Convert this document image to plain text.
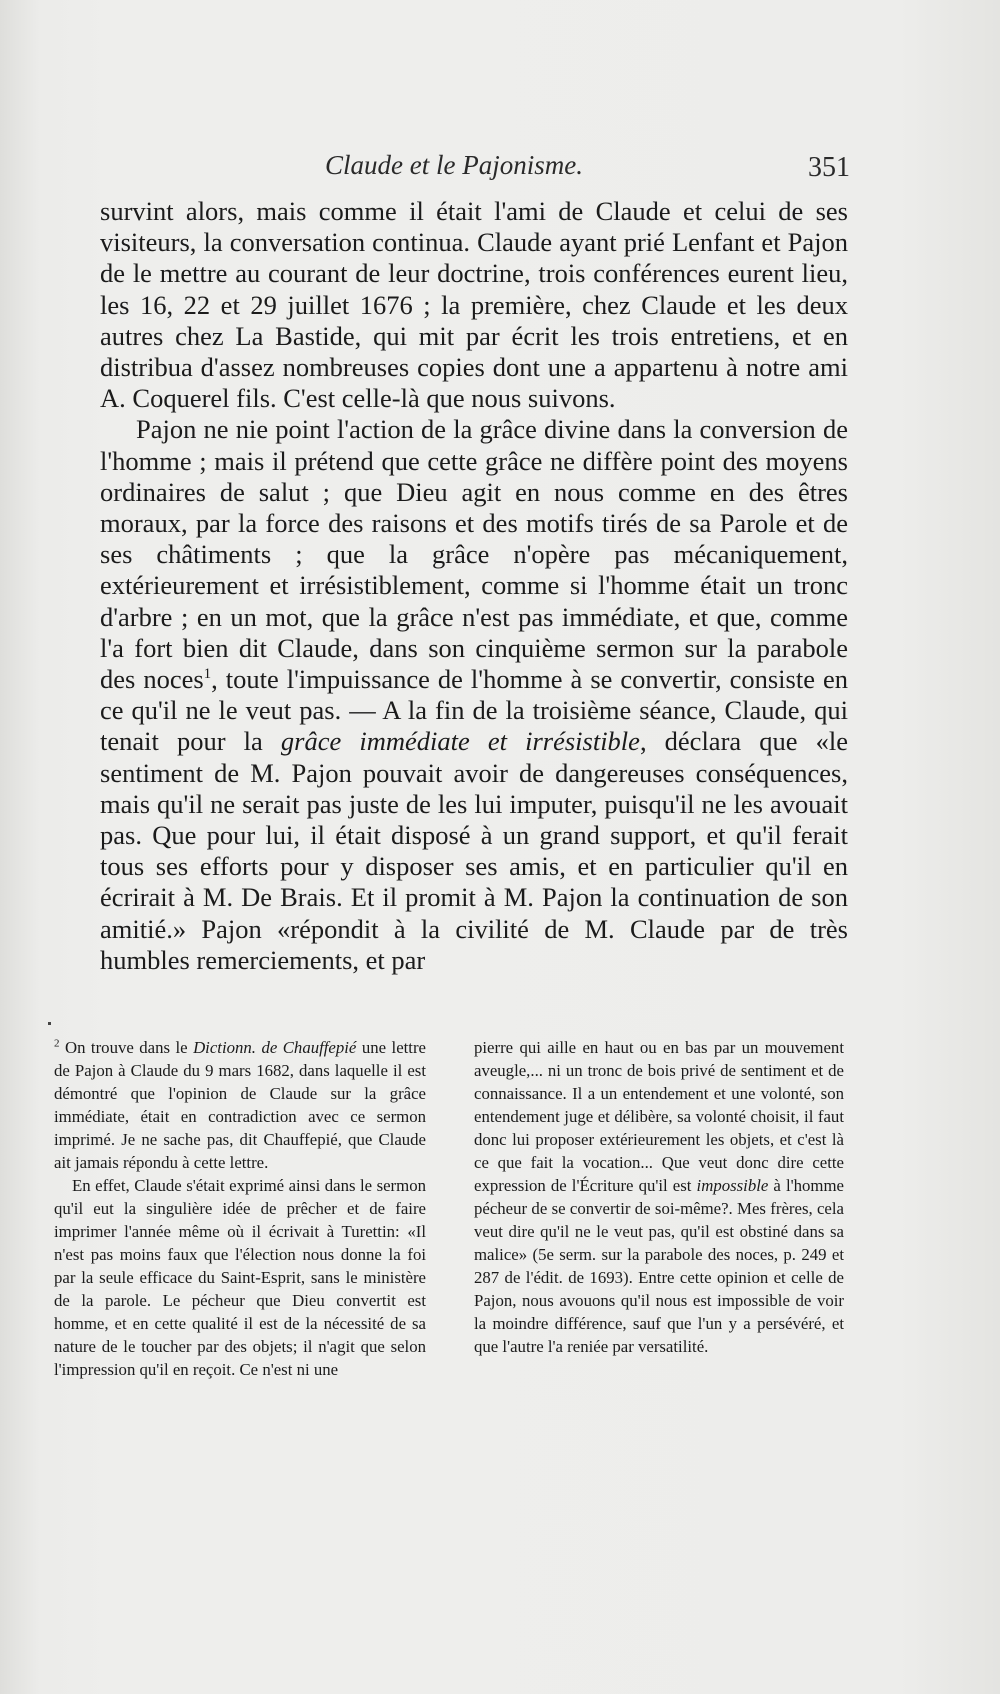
Claude et le Pajonisme.	351

survint alors, mais comme il était l'ami de Claude et celui de ses visiteurs, la conversation continua. Claude ayant prié Lenfant et Pajon de le mettre au courant de leur doctrine, trois conférences eurent lieu, les 16, 22 et 29 juillet 1676 ; la première, chez Claude et les deux autres chez La Bastide, qui mit par écrit les trois entretiens, et en distribua d'assez nombreuses copies dont une a appartenu à notre ami A. Coquerel fils. C'est celle-là que nous suivons.

Pajon ne nie point l'action de la grâce divine dans la conversion de l'homme ; mais il prétend que cette grâce ne diffère point des moyens ordinaires de salut ; que Dieu agit en nous comme en des êtres moraux, par la force des raisons et des motifs tirés de sa Parole et de ses châtiments ; que la grâce n'opère pas mécaniquement, extérieurement et irrésistiblement, comme si l'homme était un tronc d'arbre ; en un mot, que la grâce n'est pas immédiate, et que, comme l'a fort bien dit Claude, dans son cinquième sermon sur la parabole des noces$^1$, toute l'impuissance de l'homme à se convertir, consiste en ce qu'il ne le veut pas. — A la fin de la troisième séance, Claude, qui tenait pour la grâce immédiate et irrésistible, déclara que «le sentiment de M. Pajon pouvait avoir de dangereuses conséquences, mais qu'il ne serait pas juste de les lui imputer, puisqu'il ne les avouait pas. Que pour lui, il était disposé à un grand support, et qu'il ferait tous ses efforts pour y disposer ses amis, et en particulier qu'il en écrirait à M. De Brais. Et il promit à M. Pajon la continuation de son amitié.» Pajon «répondit à la civilité de M. Claude par de très humbles remerciements, et par

$^2$ On trouve dans le Dictionn. de Chauffepié une lettre de Pajon à Claude du 9 mars 1682, dans laquelle il est démontré que l'opinion de Claude sur la grâce immédiate, était en contradiction avec ce sermon imprimé. Je ne sache pas, dit Chauffepié, que Claude ait jamais répondu à cette lettre.

En effet, Claude s'était exprimé ainsi dans le sermon qu'il eut la singulière idée de prêcher et de faire imprimer l'année même où il écrivait à Turettin: «Il n'est pas moins faux que l'élection nous donne la foi par la seule efficace du Saint-Esprit, sans le ministère de la parole. Le pécheur que Dieu convertit est homme, et en cette qualité il est de la nécessité de sa nature de le toucher par des objets; il n'agit que selon l'impression qu'il en reçoit. Ce n'est ni une

pierre qui aille en haut ou en bas par un mouvement aveugle,... ni un tronc de bois privé de sentiment et de connaissance. Il a un entendement et une volonté, son entendement juge et délibère, sa volonté choisit, il faut donc lui proposer extérieurement les objets, et c'est là ce que fait la vocation... Que veut donc dire cette expression de l'Écriture qu'il est impossible à l'homme pécheur de se convertir de soi-même?. Mes frères, cela veut dire qu'il ne le veut pas, qu'il est obstiné dans sa malice» (5e serm. sur la parabole des noces, p. 249 et 287 de l'édit. de 1693). Entre cette opinion et celle de Pajon, nous avouons qu'il nous est impossible de voir la moindre différence, sauf que l'un y a persévéré, et que l'autre l'a reniée par versatilité.
